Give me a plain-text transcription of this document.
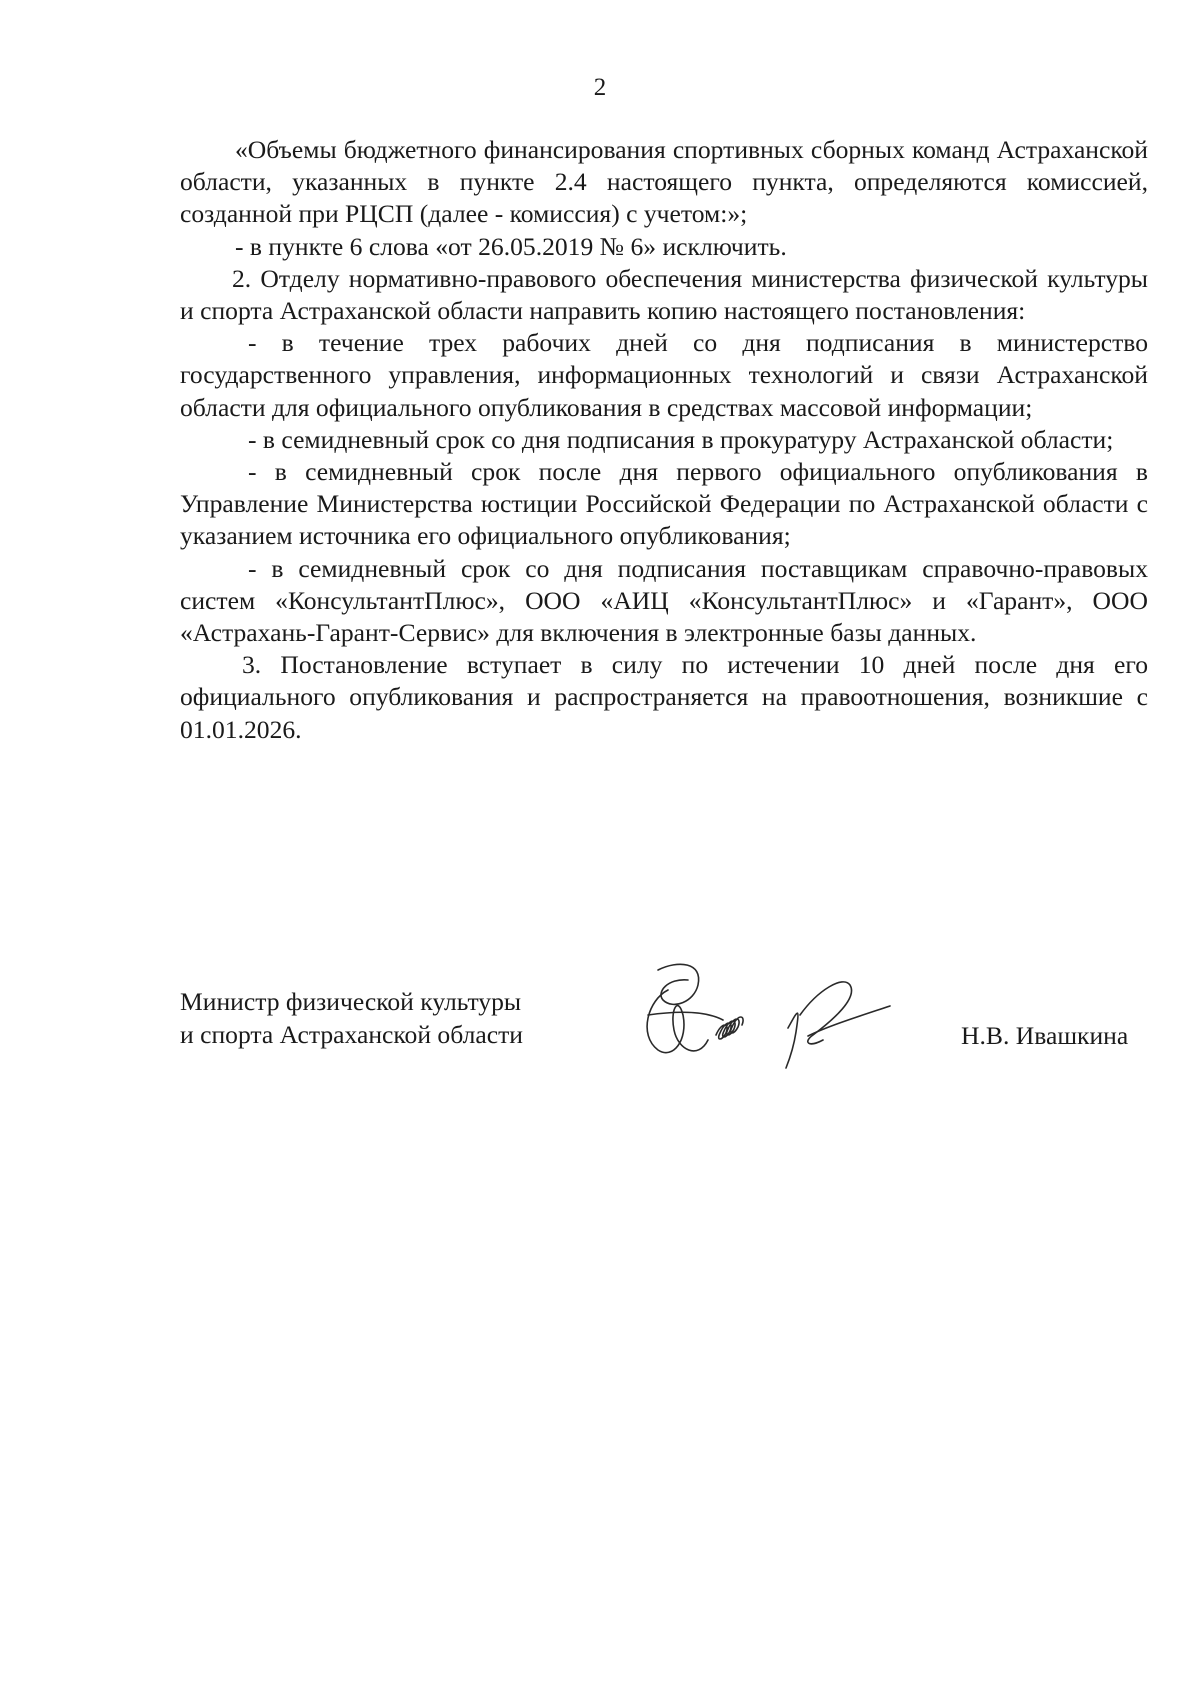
2

«Объемы бюджетного финансирования спортивных сборных команд Астраханской области, указанных в пункте 2.4 настоящего пункта, определяются комиссией, созданной при РЦСП (далее - комиссия) с учетом:»;

- в пункте 6 слова «от 26.05.2019 № 6» исключить.

2. Отделу нормативно-правового обеспечения министерства физической культуры и спорта Астраханской области направить копию настоящего постановления:

- в течение трех рабочих дней со дня подписания в министерство государственного управления, информационных технологий и связи Астраханской области для официального опубликования в средствах массовой информации;

- в семидневный срок со дня подписания в прокуратуру Астраханской области;

- в семидневный срок после дня первого официального опубликования в Управление Министерства юстиции Российской Федерации по Астраханской области с указанием источника его официального опубликования;

- в семидневный срок со дня подписания поставщикам справочно-правовых систем «КонсультантПлюс», ООО «АИЦ «КонсультантПлюс» и «Гарант», ООО «Астрахань-Гарант-Сервис» для включения в электронные базы данных.

3. Постановление вступает в силу по истечении 10 дней после дня его официального опубликования и распространяется на правоотношения, возникшие с 01.01.2026.

Министр физической культуры
и спорта Астраханской области	Н.В. Ивашкина
